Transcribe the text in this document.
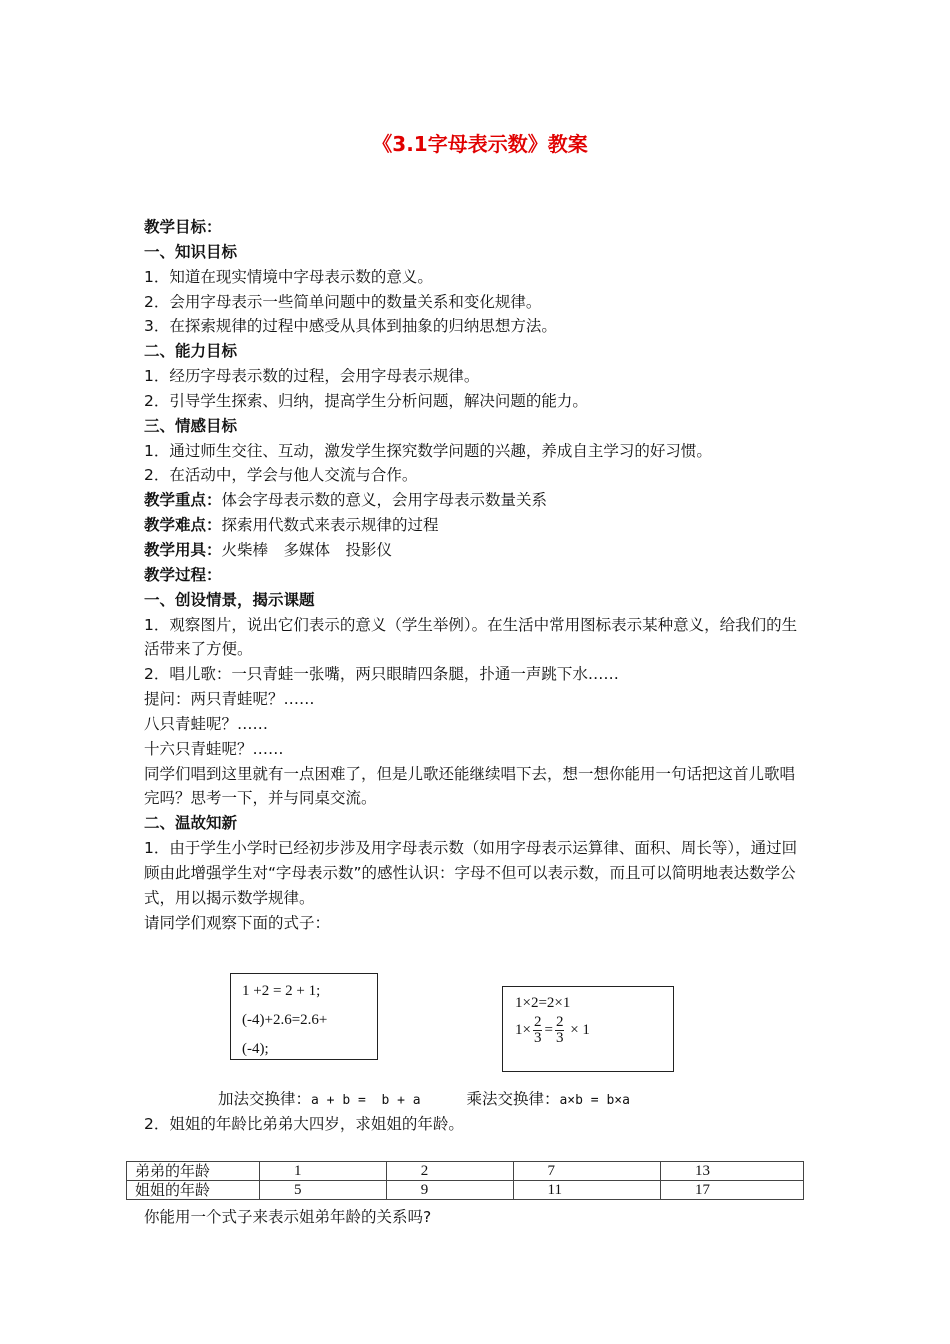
《3.1字母表示数》教案

教学目标：

一、知识目标

1．知道在现实情境中字母表示数的意义。

2．会用字母表示一些简单问题中的数量关系和变化规律。

3．在探索规律的过程中感受从具体到抽象的归纳思想方法。

二、能力目标

1．经历字母表示数的过程，会用字母表示规律。

2．引导学生探索、归纳，提高学生分析问题，解决问题的能力。

三、情感目标

1．通过师生交往、互动，激发学生探究数学问题的兴趣，养成自主学习的好习惯。

2．在活动中，学会与他人交流与合作。

教学重点：体会字母表示数的意义，会用字母表示数量关系

教学难点：探索用代数式来表示规律的过程

教学用具：火柴棒　多媒体　投影仪

教学过程：

一、创设情景，揭示课题

1．观察图片，说出它们表示的意义（学生举例）。在生活中常用图标表示某种意义，给我们的生活带来了方便。

2．唱儿歌：一只青蛙一张嘴，两只眼睛四条腿，扑通一声跳下水……

提问：两只青蛙呢？……

八只青蛙呢？……

十六只青蛙呢？……

同学们唱到这里就有一点困难了，但是儿歌还能继续唱下去，想一想你能用一句话把这首儿歌唱完吗？思考一下，并与同桌交流。

二、温故知新

1．由于学生小学时已经初步涉及用字母表示数（如用字母表示运算律、面积、周长等），通过回顾由此增强学生对“字母表示数”的感性认识：字母不但可以表示数，而且可以简明地表达数学公式，用以揭示数学规律。

请同学们观察下面的式子：

1 +2 = 2 + 1;
(-4)+2.6=2.6+
(-4);
1×2=2×1
$1\times \frac{2}{3} = \frac{2}{3} \times 1$
加法交换律：a + b =  b + a	乘法交换律：a×b = b×a
2．姐姐的年龄比弟弟大四岁，求姐姐的年龄。
弟弟的年龄	1	2	7	13
姐姐的年龄	5	9	11	17
你能用一个式子来表示姐弟年龄的关系吗?
